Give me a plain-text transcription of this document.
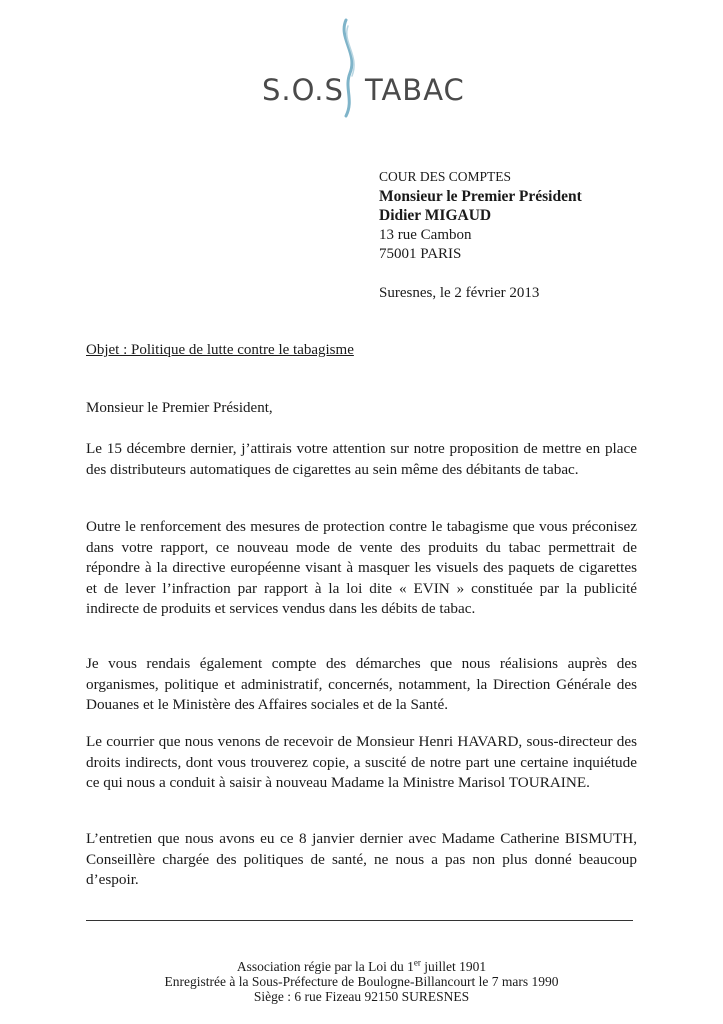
S.O.S TABAC
COUR DES COMPTES
Monsieur le Premier Président
Didier MIGAUD
13 rue Cambon
75001 PARIS
Suresnes, le 2 février 2013
Objet : Politique de lutte contre le tabagisme
Monsieur le Premier Président,
Le 15 décembre dernier, j’attirais votre attention sur notre proposition de mettre en place des distributeurs automatiques de cigarettes au sein même des débitants de tabac.
Outre le renforcement des mesures de protection contre le tabagisme que vous préconisez dans votre rapport, ce nouveau mode de vente des produits du tabac permettrait de répondre à la directive européenne visant à masquer les visuels des paquets de cigarettes et de lever l’infraction par rapport à la loi dite « EVIN » constituée par la publicité indirecte de produits et services vendus dans les débits de tabac.
Je vous rendais également compte des démarches que nous réalisions auprès des organismes, politique et administratif, concernés, notamment, la Direction Générale des Douanes et le Ministère des Affaires sociales et de la Santé.
Le courrier que nous venons de recevoir de Monsieur Henri HAVARD, sous-directeur des droits indirects, dont vous trouverez copie, a suscité de notre part une certaine inquiétude ce qui nous a conduit à saisir à nouveau Madame la Ministre Marisol TOURAINE.
L’entretien que nous avons eu ce 8 janvier dernier avec Madame Catherine BISMUTH, Conseillère chargée des politiques de santé, ne nous a pas non plus donné beaucoup d’espoir.
Association régie par la Loi du 1er juillet 1901
Enregistrée à la Sous-Préfecture de Boulogne-Billancourt le 7 mars 1990
Siège : 6 rue Fizeau 92150 SURESNES
